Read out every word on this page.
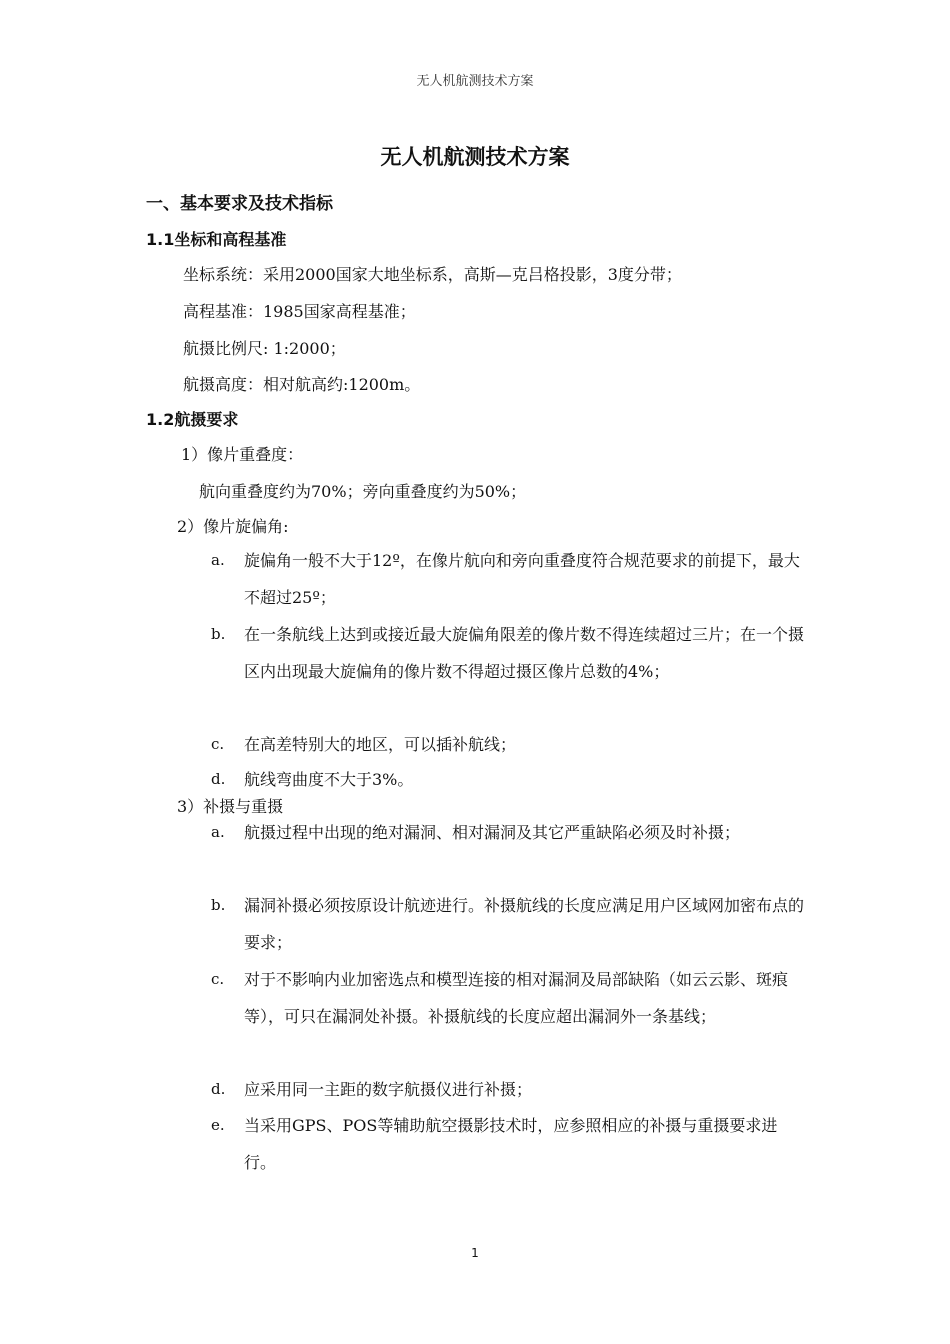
无人机航测技术方案
无人机航测技术方案
一、基本要求及技术指标
1.1坐标和高程基准
坐标系统：采用2000国家大地坐标系，高斯—克吕格投影，3度分带；
高程基准：1985国家高程基准；
航摄比例尺: 1:2000；
航摄高度：相对航高约:1200m。
1.2航摄要求
1）像片重叠度：
航向重叠度约为70%；旁向重叠度约为50%；
2）像片旋偏角:
a. 旋偏角一般不大于12º，在像片航向和旁向重叠度符合规范要求的前提下，最大不超过25º；
b. 在一条航线上达到或接近最大旋偏角限差的像片数不得连续超过三片；在一个摄区内出现最大旋偏角的像片数不得超过摄区像片总数的4%；
c. 在高差特别大的地区，可以插补航线；
d. 航线弯曲度不大于3%。
3）补摄与重摄
a. 航摄过程中出现的绝对漏洞、相对漏洞及其它严重缺陷必须及时补摄；
b. 漏洞补摄必须按原设计航迹进行。补摄航线的长度应满足用户区域网加密布点的要求；
c. 对于不影响内业加密选点和模型连接的相对漏洞及局部缺陷（如云云影、斑痕等），可只在漏洞处补摄。补摄航线的长度应超出漏洞外一条基线；
d. 应采用同一主距的数字航摄仪进行补摄；
e. 当采用GPS、POS等辅助航空摄影技术时，应参照相应的补摄与重摄要求进行。
1
